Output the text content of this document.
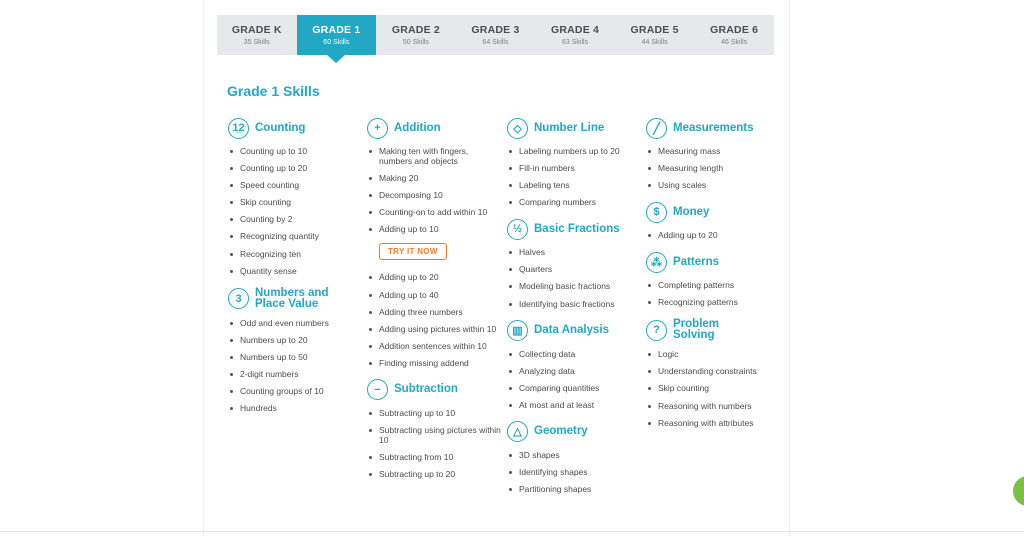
GRADE K
35 Skills
GRADE 1
60 Skills
GRADE 2
50 Skills
GRADE 3
64 Skills
GRADE 4
63 Skills
GRADE 5
44 Skills
GRADE 6
46 Skills
Grade 1 Skills
1̲2 Counting
Counting up to 10
Counting up to 20
Speed counting
Skip counting
Counting by 2
Recognizing quantity
Recognizing ten
Quantity sense
3	Numbers and
Place Value
Odd and even numbers
Numbers up to 20
Numbers up to 50
2-digit numbers
Counting groups of 10
Hundreds
+	Addition
Making ten with fingers, numbers and objects
Making 20
Decomposing 10
Counting-on to add within 10
Adding up to 10
TRY IT NOW
Adding up to 20
Adding up to 40
Adding three numbers
Adding using pictures within 10
Addition sentences within 10
Finding missing addend
−	Subtraction
Subtracting up to 10
Subtracting using pictures within 10
Subtracting from 10
Subtracting up to 20
◇	Number Line
Labeling numbers up to 20
Fill-in numbers
Labeling tens
Comparing numbers
½	Basic Fractions
Halves
Quarters
Modeling basic fractions
Identifying basic fractions
▥ Data Analysis
Collecting data
Analyzing data
Comparing quantities
At most and at least
△	Geometry
3D shapes
Identifying shapes
Partitioning shapes
╱	Measurements
Measuring mass
Measuring length
Using scales
$	Money
Adding up to 20
⁂ Patterns
Completing patterns
Recognizing patterns
?	Problem
Solving
Logic
Understanding constraints
Skip counting
Reasoning with numbers
Reasoning with attributes
